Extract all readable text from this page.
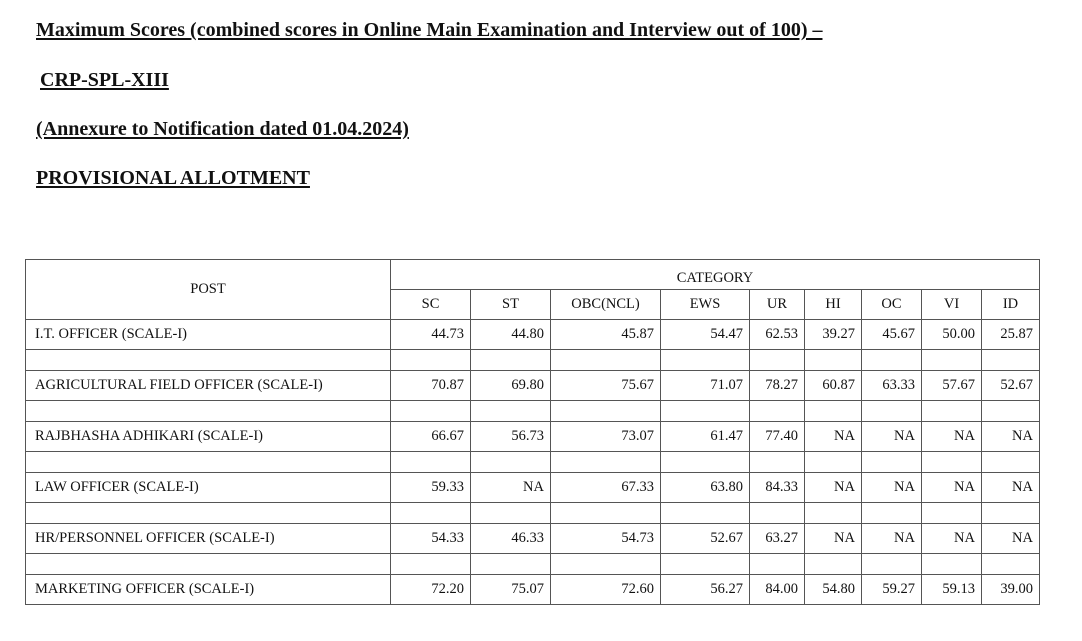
Maximum Scores (combined scores in Online Main Examination and Interview out of 100) –

CRP-SPL-XIII

(Annexure to Notification dated 01.04.2024)

PROVISIONAL ALLOTMENT

POST	CATEGORY								
	SC	ST	OBC(NCL)	EWS	UR	HI	OC	VI	ID
I.T. OFFICER (SCALE-I)	44.73	44.80	45.87	54.47	62.53	39.27	45.67	50.00	25.87

AGRICULTURAL FIELD OFFICER (SCALE-I)	70.87	69.80	75.67	71.07	78.27	60.87	63.33	57.67	52.67

RAJBHASHA ADHIKARI (SCALE-I)	66.67	56.73	73.07	61.47	77.40	NA	NA	NA	NA

LAW OFFICER (SCALE-I)	59.33	NA	67.33	63.80	84.33	NA	NA	NA	NA

HR/PERSONNEL OFFICER (SCALE-I)	54.33	46.33	54.73	52.67	63.27	NA	NA	NA	NA

MARKETING OFFICER (SCALE-I)	72.20	75.07	72.60	56.27	84.00	54.80	59.27	59.13	39.00
